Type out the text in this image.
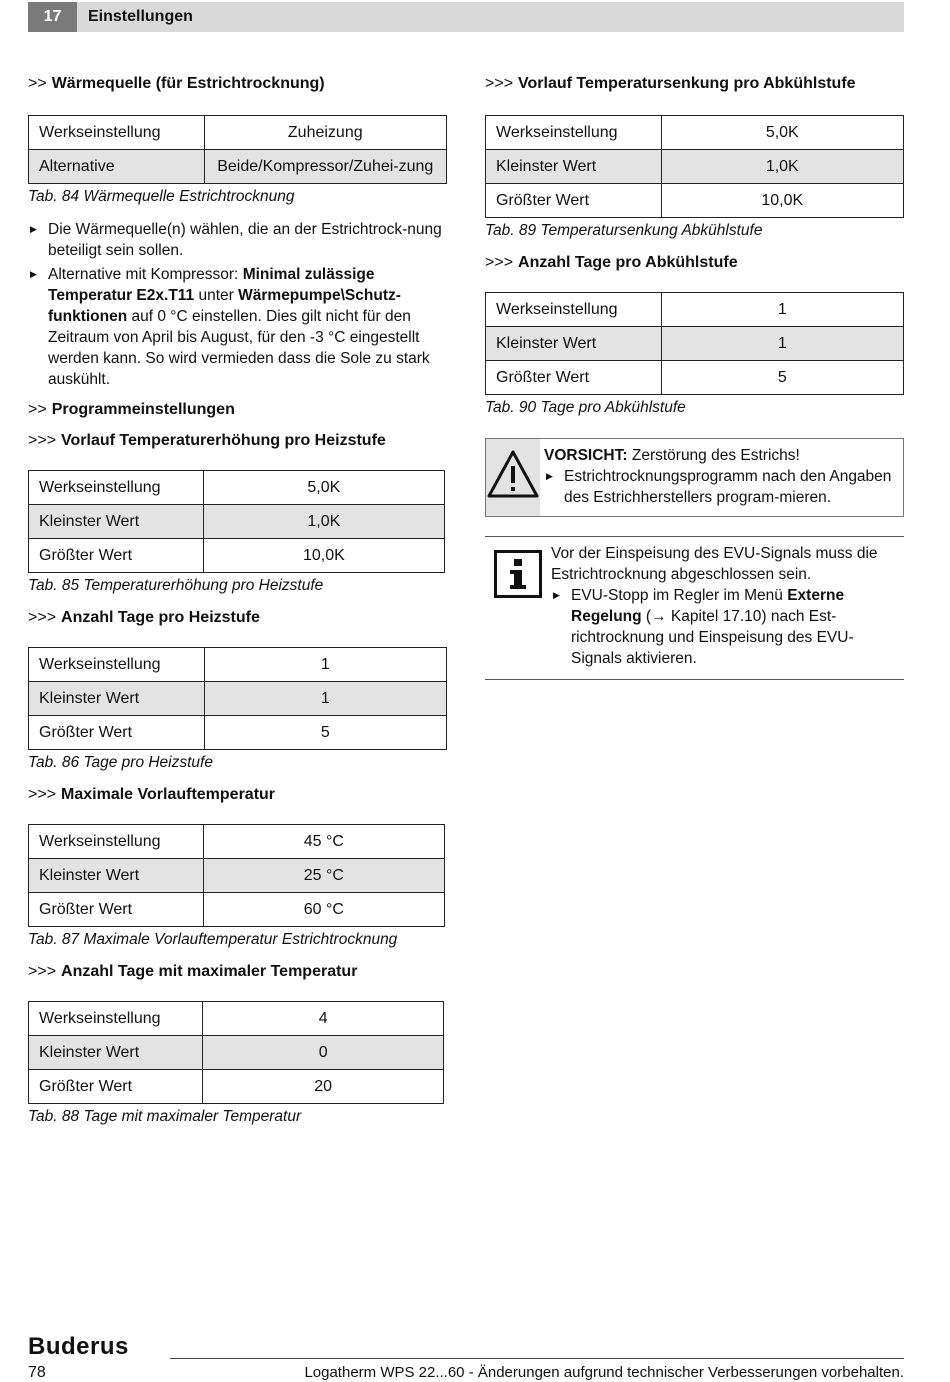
17	Einstellungen
>> Wärmequelle (für Estrichtrocknung)
Werkseinstellung	Zuheizung
Alternative	Beide/Kompressor/Zuhei-zung
Tab. 84 Wärmequelle Estrichtrocknung
▶ Die Wärmequelle(n) wählen, die an der Estrichtrock-nung beteiligt sein sollen.
▶ Alternative mit Kompressor: Minimal zulässige Temperatur E2x.T11 unter Wärmepumpe\Schutz-funktionen auf 0 °C einstellen. Dies gilt nicht für den Zeitraum von April bis August, für den -3 °C eingestellt werden kann. So wird vermieden dass die Sole zu stark auskühlt.
>> Programmeinstellungen
>>> Vorlauf Temperaturerhöhung pro Heizstufe
Werkseinstellung	5,0K
Kleinster Wert	1,0K
Größter Wert	10,0K
Tab. 85 Temperaturerhöhung pro Heizstufe
>>> Anzahl Tage pro Heizstufe
Werkseinstellung	1
Kleinster Wert	1
Größter Wert	5
Tab. 86 Tage pro Heizstufe
>>> Maximale Vorlauftemperatur
Werkseinstellung	45 °C
Kleinster Wert	25 °C
Größter Wert	60 °C
Tab. 87 Maximale Vorlauftemperatur Estrichtrocknung
>>> Anzahl Tage mit maximaler Temperatur
Werkseinstellung	4
Kleinster Wert	0
Größter Wert	20
Tab. 88 Tage mit maximaler Temperatur
>>> Vorlauf Temperatursenkung pro Abkühlstufe
Werkseinstellung	5,0K
Kleinster Wert	1,0K
Größter Wert	10,0K
Tab. 89 Temperatursenkung Abkühlstufe
>>> Anzahl Tage pro Abkühlstufe
Werkseinstellung	1
Kleinster Wert	1
Größter Wert	5
Tab. 90 Tage pro Abkühlstufe
VORSICHT: Zerstörung des Estrichs!
▶ Estrichtrocknungsprogramm nach den Angaben des Estrichherstellers program-mieren.
Vor der Einspeisung des EVU-Signals muss die Estrichtrocknung abgeschlossen sein.
▶ EVU-Stopp im Regler im Menü Externe Regelung (→ Kapitel 17.10) nach Est-richtrocknung und Einspeisung des EVU-Signals aktivieren.
Buderus
78	Logatherm WPS 22...60 - Änderungen aufgrund technischer Verbesserungen vorbehalten.
